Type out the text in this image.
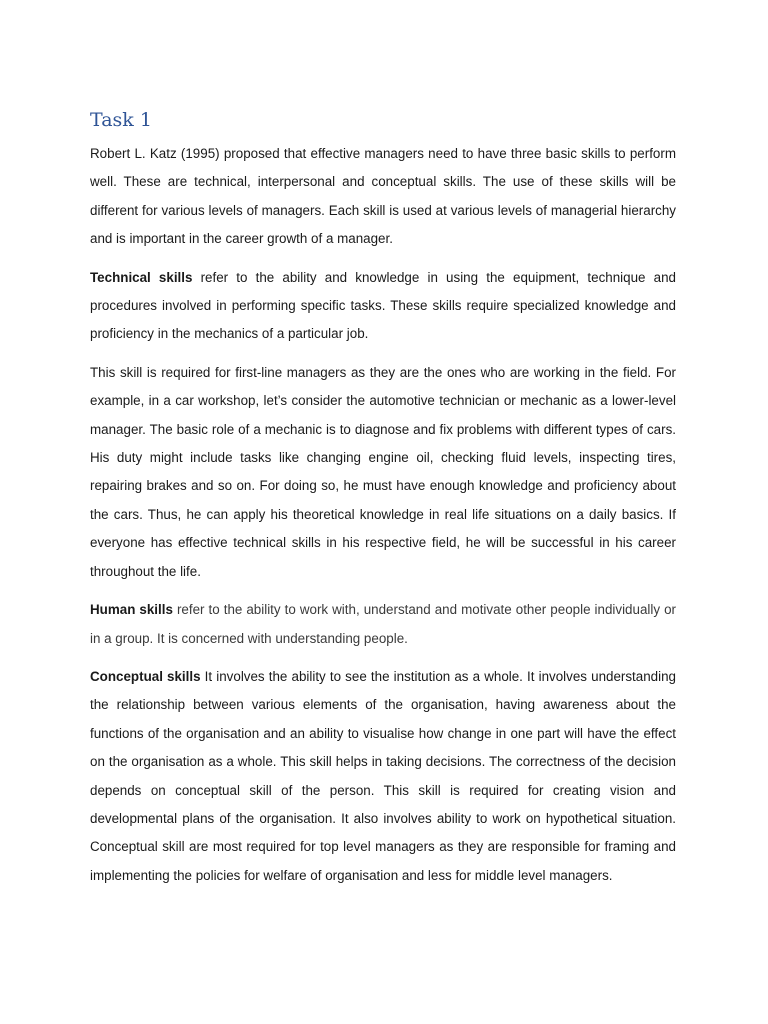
Task 1

Robert L. Katz (1995) proposed that effective managers need to have three basic skills to perform well. These are technical, interpersonal and conceptual skills. The use of these skills will be different for various levels of managers. Each skill is used at various levels of managerial hierarchy and is important in the career growth of a manager.

Technical skills refer to the ability and knowledge in using the equipment, technique and procedures involved in performing specific tasks. These skills require specialized knowledge and proficiency in the mechanics of a particular job.

This skill is required for first-line managers as they are the ones who are working in the field. For example, in a car workshop, let’s consider the automotive technician or mechanic as a lower-level manager. The basic role of a mechanic is to diagnose and fix problems with different types of cars. His duty might include tasks like changing engine oil, checking fluid levels, inspecting tires, repairing brakes and so on. For doing so, he must have enough knowledge and proficiency about the cars. Thus, he can apply his theoretical knowledge in real life situations on a daily basics. If everyone has effective technical skills in his respective field, he will be successful in his career throughout the life.

Human skills refer to the ability to work with, understand and motivate other people individually or in a group. It is concerned with understanding people.

Conceptual skills It involves the ability to see the institution as a whole. It involves understanding the relationship between various elements of the organisation, having awareness about the functions of the organisation and an ability to visualise how change in one part will have the effect on the organisation as a whole. This skill helps in taking decisions. The correctness of the decision depends on conceptual skill of the person. This skill is required for creating vision and developmental plans of the organisation. It also involves ability to work on hypothetical situation. Conceptual skill are most required for top level managers as they are responsible for framing and implementing the policies for welfare of organisation and less for middle level managers.
